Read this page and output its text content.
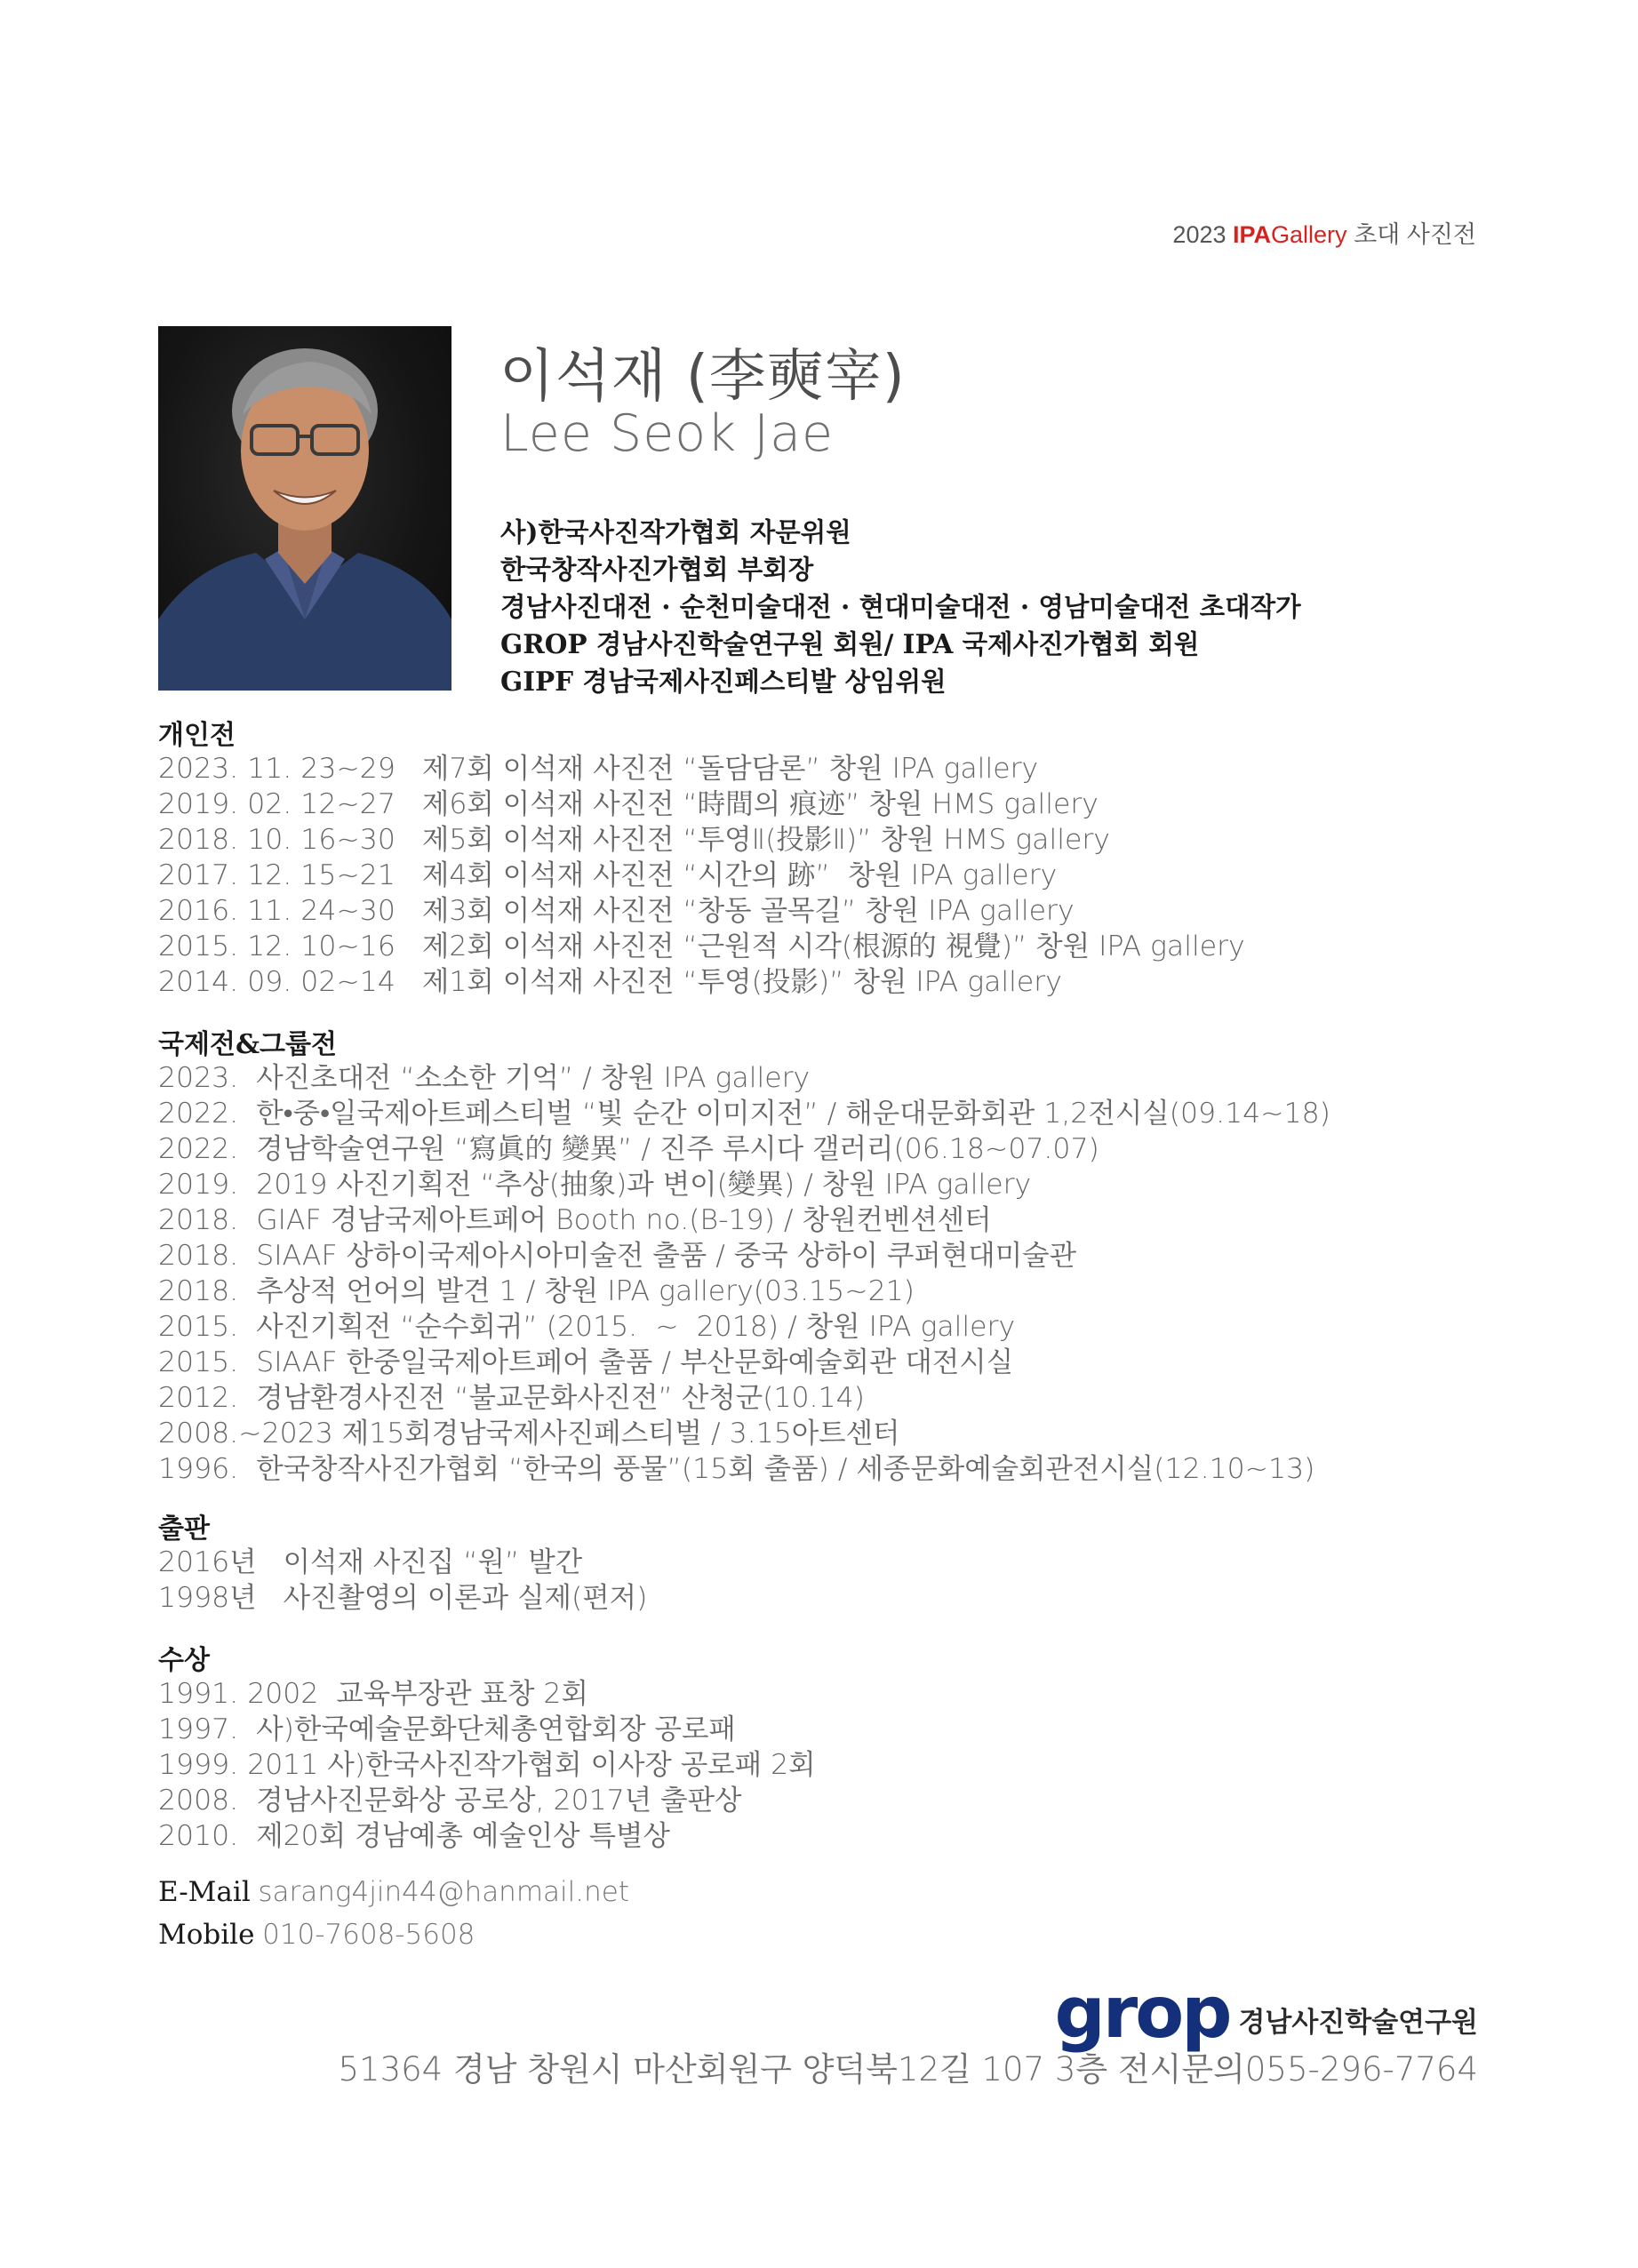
2023 IPAGallery 초대 사진전
이석재 (李奭宰)
Lee Seok Jae
사)한국사진작가협회 자문위원
한국창작사진가협회 부회장
경남사진대전 · 순천미술대전 · 현대미술대전 · 영남미술대전 초대작가
GROP 경남사진학술연구원 회원/ IPA 국제사진가협회 회원
GIPF 경남국제사진페스티발 상임위원
개인전
2023. 11. 23~29   제7회 이석재 사진전 “돌담담론” 창원 IPA gallery
2019. 02. 12~27   제6회 이석재 사진전 “時間의 痕迹” 창원 HMS gallery
2018. 10. 16~30   제5회 이석재 사진전 “투영Ⅱ(投影Ⅱ)” 창원 HMS gallery
2017. 12. 15~21   제4회 이석재 사진전 “시간의 跡”  창원 IPA gallery
2016. 11. 24~30   제3회 이석재 사진전 “창동 골목길” 창원 IPA gallery
2015. 12. 10~16   제2회 이석재 사진전 “근원적 시각(根源的 視覺)” 창원 IPA gallery
2014. 09. 02~14   제1회 이석재 사진전 “투영(投影)” 창원 IPA gallery
국제전&그룹전
2023.  사진초대전 “소소한 기억” / 창원 IPA gallery
2022.  한•중•일국제아트페스티벌 “빛 순간 이미지전” / 해운대문화회관 1,2전시실(09.14~18)
2022.  경남학술연구원 “寫眞的 變異” / 진주 루시다 갤러리(06.18~07.07)
2019.  2019 사진기획전 “추상(抽象)과 변이(變異) / 창원 IPA gallery
2018.  GIAF 경남국제아트페어 Booth no.(B-19) / 창원컨벤션센터
2018.  SIAAF 상하이국제아시아미술전 출품 / 중국 상하이 쿠퍼현대미술관
2018.  추상적 언어의 발견 1 / 창원 IPA gallery(03.15~21)
2015.  사진기획전 “순수회귀” (2015.  ~  2018) / 창원 IPA gallery
2015.  SIAAF 한중일국제아트페어 출품 / 부산문화예술회관 대전시실
2012.  경남환경사진전 “불교문화사진전” 산청군(10.14)
2008.~2023 제15회경남국제사진페스티벌 / 3.15아트센터
1996.  한국창작사진가협회 “한국의 풍물”(15회 출품) / 세종문화예술회관전시실(12.10~13)
출판
2016년   이석재 사진집 “원” 발간
1998년   사진촬영의 이론과 실제(편저)
수상
1991. 2002  교육부장관 표창 2회
1997.  사)한국예술문화단체총연합회장 공로패
1999. 2011 사)한국사진작가협회 이사장 공로패 2회
2008.  경남사진문화상 공로상, 2017년 출판상
2010.  제20회 경남예총 예술인상 특별상
E-Mail sarang4jin44@hanmail.net
Mobile 010-7608-5608
grop 경남사진학술연구원
51364 경남 창원시 마산회원구 양덕북12길 107 3층 전시문의055-296-7764
